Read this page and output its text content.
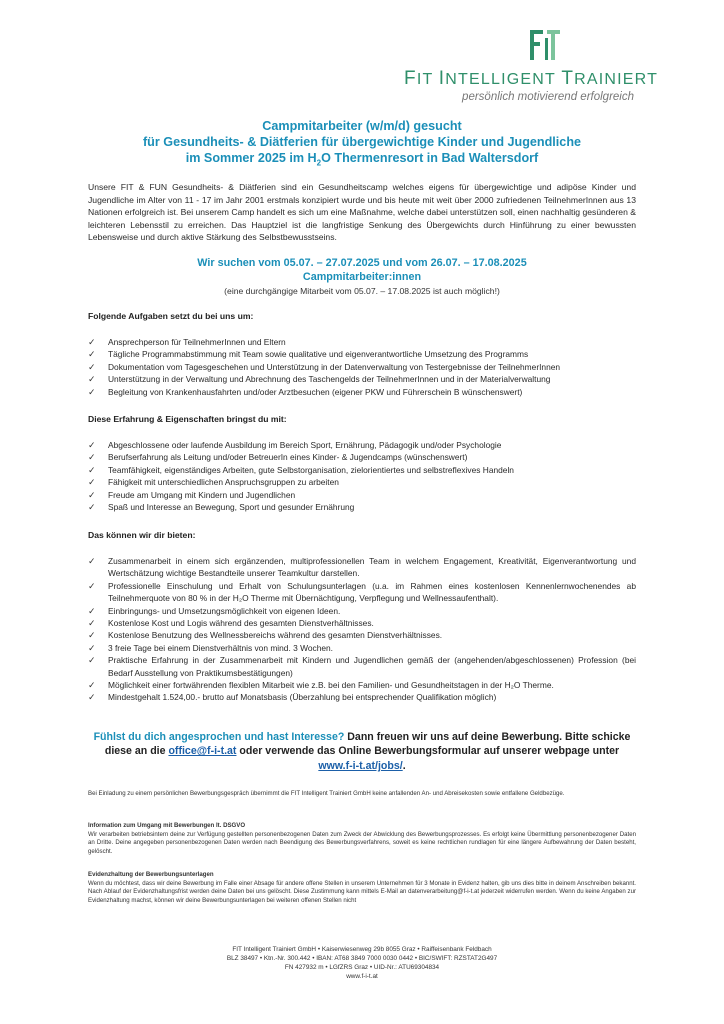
FIT INTELLIGENT TRAINIERT
persönlich motivierend erfolgreich
Campmitarbeiter (w/m/d) gesucht
für Gesundheits- & Diätferien für übergewichtige Kinder und Jugendliche
im Sommer 2025 im $H_2O$ Thermenresort in Bad Waltersdorf
Unsere FIT & FUN Gesundheits- & Diätferien sind ein Gesundheitscamp welches eigens für übergewichtige und adipöse Kinder und Jugendliche im Alter von 11 - 17 im Jahr 2001 erstmals konzipiert wurde und bis heute mit weit über 2000 zufriedenen TeilnehmerInnen aus 13 Nationen erfolgreich ist. Bei unserem Camp handelt es sich um eine Maßnahme, welche dabei unterstützen soll, einen nachhaltig gesünderen & leichteren Lebensstil zu erreichen. Das Hauptziel ist die langfristige Senkung des Übergewichts durch Hinführung zu einer bewussten Lebensweise und durch aktive Stärkung des Selbstbewusstseins.
Wir suchen vom 05.07. – 27.07.2025 und vom 26.07. – 17.08.2025
Campmitarbeiter:innen
(eine durchgängige Mitarbeit vom 05.07. – 17.08.2025 ist auch möglich!)
Folgende Aufgaben setzt du bei uns um:
✓ Ansprechperson für TeilnehmerInnen und Eltern
✓ Tägliche Programmabstimmung mit Team sowie qualitative und eigenverantwortliche Umsetzung des Programms
✓ Dokumentation vom Tagesgeschehen und Unterstützung in der Datenverwaltung von Testergebnisse der TeilnehmerInnen
✓ Unterstützung in der Verwaltung und Abrechnung des Taschengelds der TeilnehmerInnen und in der Materialverwaltung
✓ Begleitung von Krankenhausfahrten und/oder Arztbesuchen (eigener PKW und Führerschein B wünschenswert)
Diese Erfahrung & Eigenschaften bringst du mit:
✓ Abgeschlossene oder laufende Ausbildung im Bereich Sport, Ernährung, Pädagogik und/oder Psychologie
✓ Berufserfahrung als Leitung und/oder BetreuerIn eines Kinder- & Jugendcamps (wünschenswert)
✓ Teamfähigkeit, eigenständiges Arbeiten, gute Selbstorganisation, zielorientiertes und selbstreflexives Handeln
✓ Fähigkeit mit unterschiedlichen Anspruchsgruppen zu arbeiten
✓ Freude am Umgang mit Kindern und Jugendlichen
✓ Spaß und Interesse an Bewegung, Sport und gesunder Ernährung
Das können wir dir bieten:
✓ Zusammenarbeit in einem sich ergänzenden, multiprofessionellen Team in welchem Engagement, Kreativität, Eigenverantwortung und Wertschätzung wichtige Bestandteile unserer Teamkultur darstellen.
✓ Professionelle Einschulung und Erhalt von Schulungsunterlagen (u.a. im Rahmen eines kostenlosen Kennenlernwochenendes ab Teilnehmerquote von 80 % in der H₂O Therme mit Übernächtigung, Verpflegung und Wellnessaufenthalt).
✓ Einbringungs- und Umsetzungsmöglichkeit von eigenen Ideen.
✓ Kostenlose Kost und Logis während des gesamten Dienstverhältnisses.
✓ Kostenlose Benutzung des Wellnessbereichs während des gesamten Dienstverhältnisses.
✓ 3 freie Tage bei einem Dienstverhältnis von mind. 3 Wochen.
✓ Praktische Erfahrung in der Zusammenarbeit mit Kindern und Jugendlichen gemäß der (angehenden/abgeschlossenen) Profession (bei Bedarf Ausstellung von Praktikumsbestätigungen)
✓ Möglichkeit einer fortwährenden flexiblen Mitarbeit wie z.B. bei den Familien- und Gesundheitstagen in der H₂O Therme.
✓ Mindestgehalt 1.524,00.- brutto auf Monatsbasis (Überzahlung bei entsprechender Qualifikation möglich)
Fühlst du dich angesprochen und hast Interesse? Dann freuen wir uns auf deine Bewerbung. Bitte schicke diese an die office@f-i-t.at oder verwende das Online Bewerbungsformular auf unserer webpage unter www.f-i-t.at/jobs/.
Bei Einladung zu einem persönlichen Bewerbungsgespräch übernimmt die FIT Intelligent Trainiert GmbH keine anfallenden An- und Abreisekosten sowie entfallene Geldbezüge.
Information zum Umgang mit Bewerbungen lt. DSGVO
Wir verarbeiten betriebsintern deine zur Verfügung gestellten personenbezogenen Daten zum Zweck der Abwicklung des Bewerbungsprozesses. Es erfolgt keine Übermittlung personenbezogener Daten an Dritte. Deine angegeben personenbezogenen Daten werden nach Beendigung des Bewerbungsverfahrens, soweit es keine rechtlichen rundlagen für eine längere Aufbewahrung der Daten besteht, gelöscht.
Evidenzhaltung der Bewerbungsunterlagen
Wenn du möchtest, dass wir deine Bewerbung im Falle einer Absage für andere offene Stellen in unserem Unternehmen für 3 Monate in Evidenz halten, gib uns dies bitte in deinem Anschreiben bekannt. Nach Ablauf der Evidenzhaltungsfrist werden deine Daten bei uns gelöscht. Diese Zustimmung kann mittels E-Mail an datenverarbeitung@f-i-t.at jederzeit widerrufen werden. Wenn du keine Angaben zur Evidenzhaltung machst, können wir deine Bewerbungsunterlagen bei weiteren offenen Stellen nicht
FIT Intelligent Trainiert GmbH • Kaiserwiesenweg 29b 8055 Graz • Raiffeisenbank Feldbach
BLZ 38497 • Ktn.-Nr. 300.442 • IBAN: AT68 3849 7000 0030 0442 • BIC/SWIFT: RZSTAT2G497
FN 427932 m • LGfZRS Graz • UID-Nr.: ATU69304834
www.f-i-t.at
